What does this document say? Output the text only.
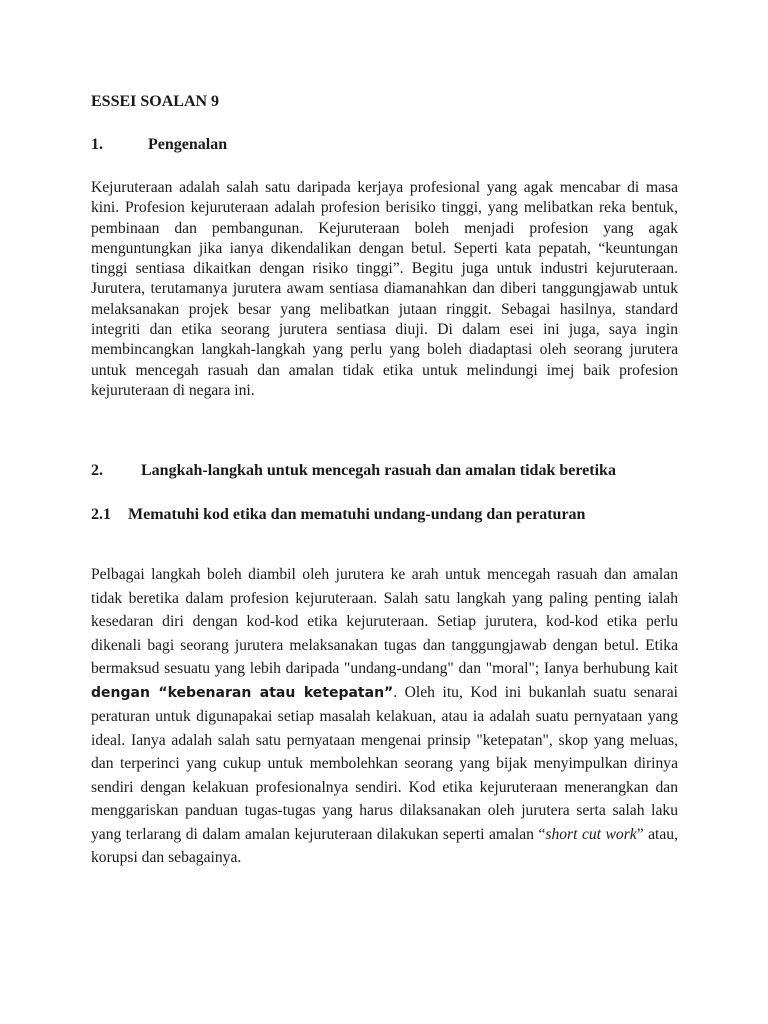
ESSEI SOALAN 9
1.	Pengenalan

Kejuruteraan adalah salah satu daripada kerjaya profesional yang agak mencabar di masa kini. Profesion kejuruteraan adalah profesion berisiko tinggi, yang melibatkan reka bentuk, pembinaan dan pembangunan. Kejuruteraan boleh menjadi profesion yang agak menguntungkan jika ianya dikendalikan dengan betul. Seperti kata pepatah, “keuntungan tinggi sentiasa dikaitkan dengan risiko tinggi”. Begitu juga untuk industri kejuruteraan. Jurutera, terutamanya jurutera awam sentiasa diamanahkan dan diberi tanggungjawab untuk melaksanakan projek besar yang melibatkan jutaan ringgit. Sebagai hasilnya, standard integriti dan etika seorang jurutera sentiasa diuji. Di dalam esei ini juga, saya ingin membincangkan langkah-langkah yang perlu yang boleh diadaptasi oleh seorang jurutera untuk mencegah rasuah dan amalan tidak etika untuk melindungi imej baik profesion kejuruteraan di negara ini.

2. Langkah-langkah untuk mencegah rasuah dan amalan tidak beretika
2.1 Mematuhi kod etika dan mematuhi undang-undang dan peraturan

Pelbagai langkah boleh diambil oleh jurutera ke arah untuk mencegah rasuah dan amalan tidak beretika dalam profesion kejuruteraan. Salah satu langkah yang paling penting ialah kesedaran diri dengan kod-kod etika kejuruteraan. Setiap jurutera, kod-kod etika perlu dikenali bagi seorang jurutera melaksanakan tugas dan tanggungjawab dengan betul. Etika bermaksud sesuatu yang lebih daripada "undang-undang" dan "moral"; Ianya berhubung kait dengan “kebenaran atau ketepatan”. Oleh itu, Kod ini bukanlah suatu senarai peraturan untuk digunapakai setiap masalah kelakuan, atau ia adalah suatu pernyataan yang ideal. Ianya adalah salah satu pernyataan mengenai prinsip "ketepatan", skop yang meluas, dan terperinci yang cukup untuk membolehkan seorang yang bijak menyimpulkan dirinya sendiri dengan kelakuan profesionalnya sendiri. Kod etika kejuruteraan menerangkan dan menggariskan panduan tugas-tugas yang harus dilaksanakan oleh jurutera serta salah laku yang terlarang di dalam amalan kejuruteraan dilakukan seperti amalan “short cut work” atau, korupsi dan sebagainya.
